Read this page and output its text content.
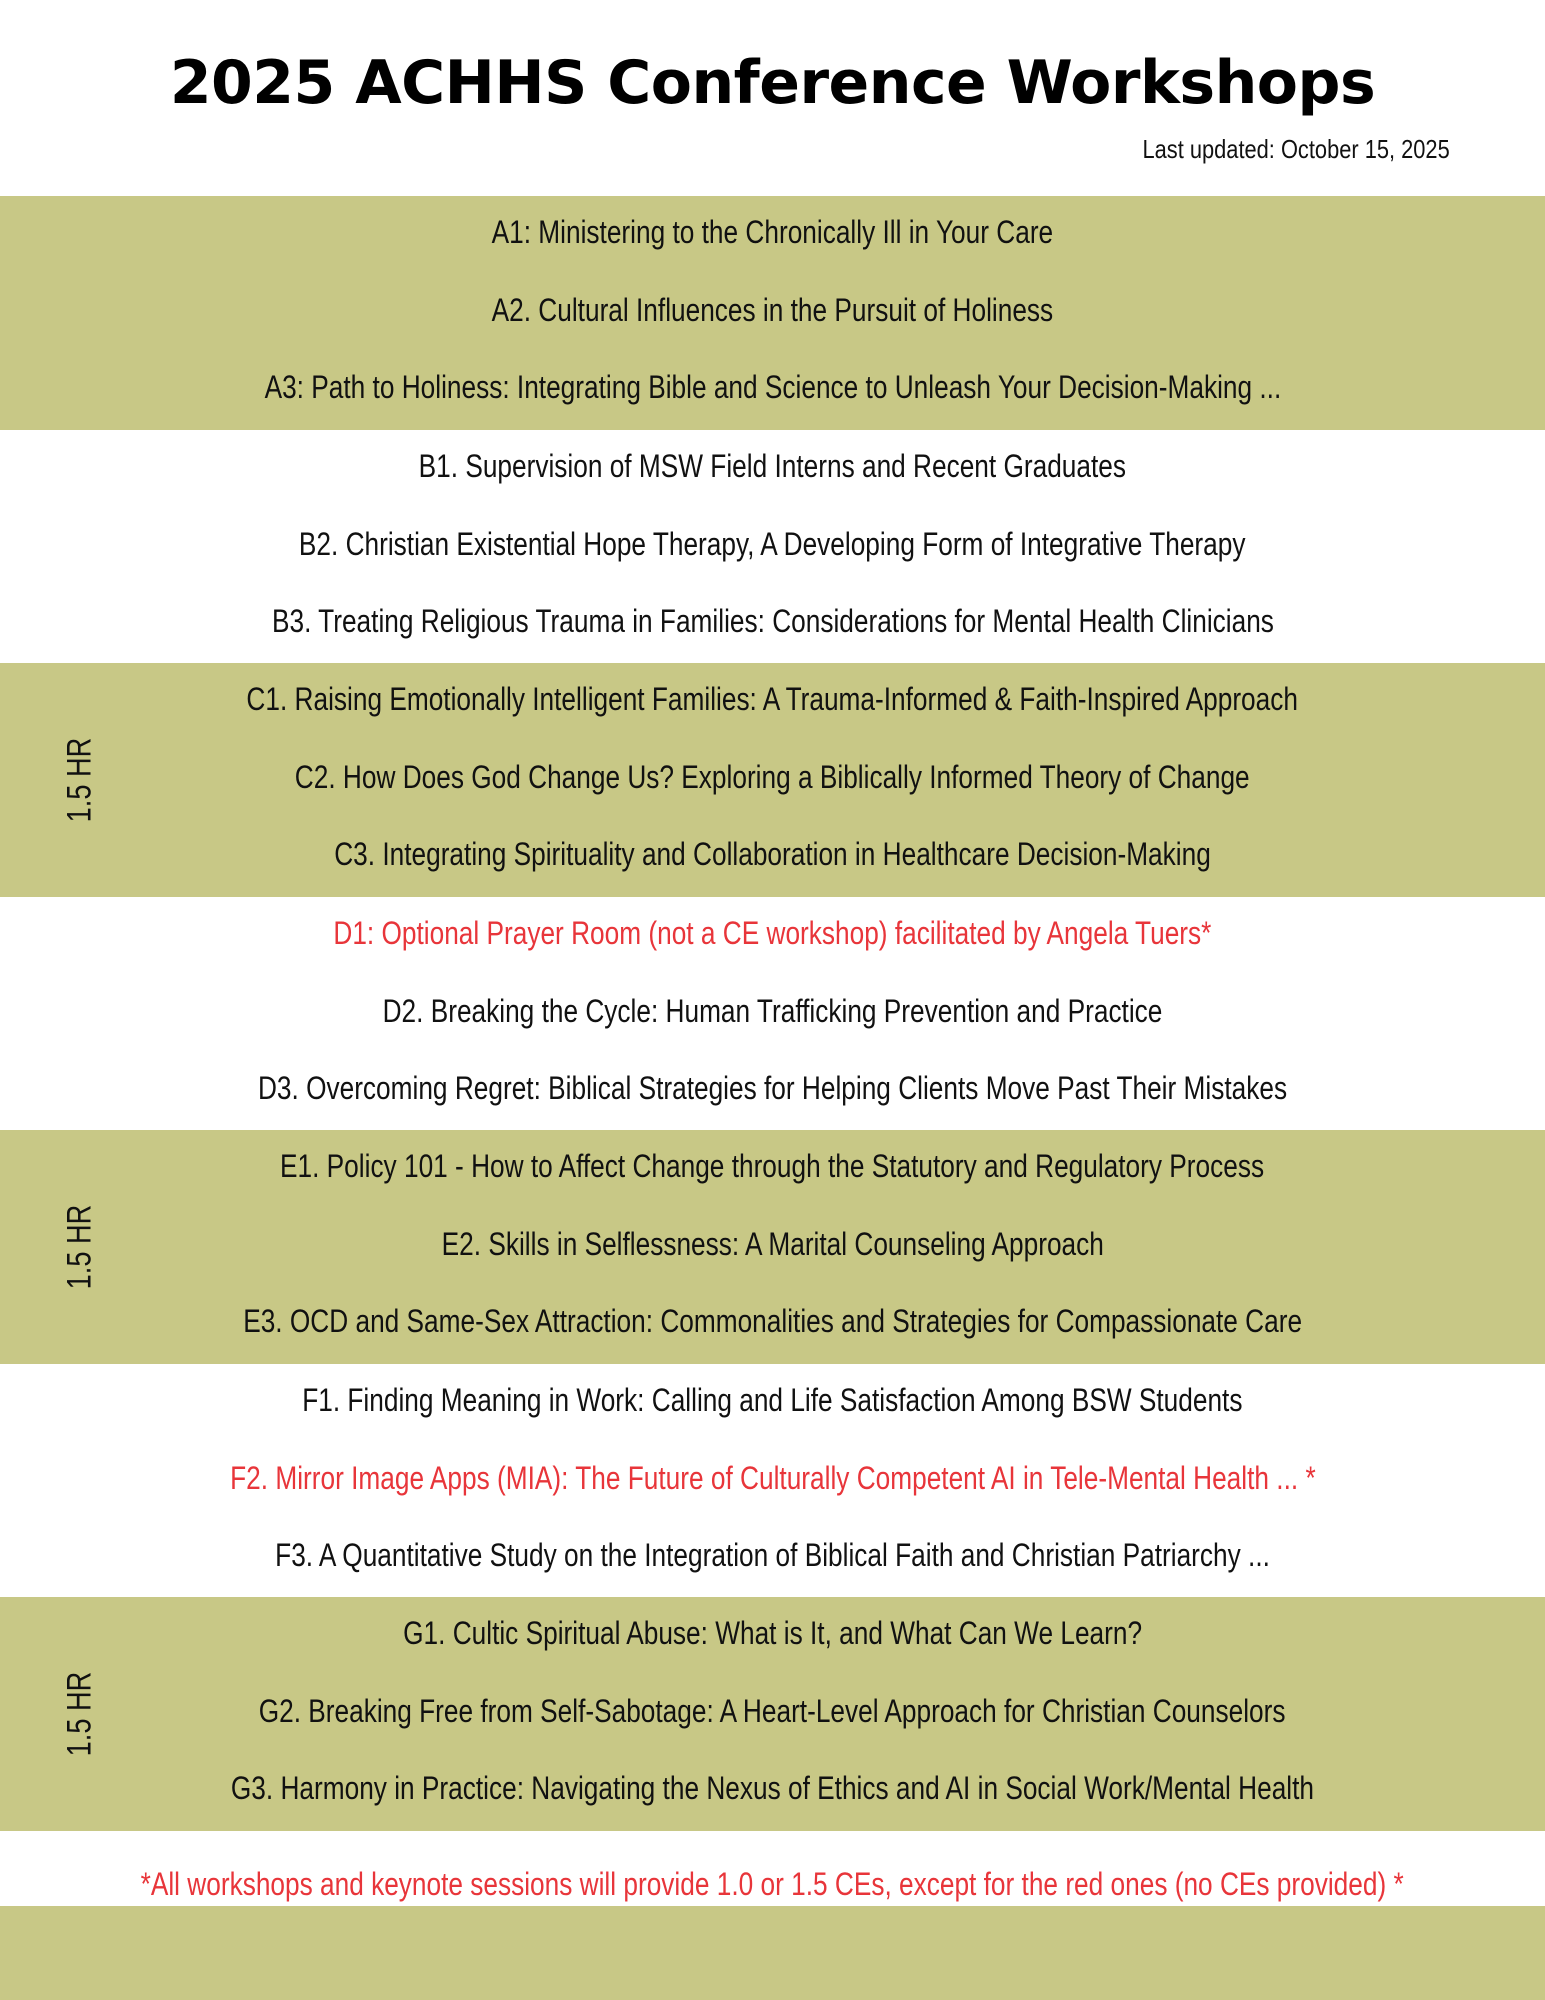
2025 ACHHS Conference Workshops
Last updated: October 15, 2025
A1: Ministering to the Chronically Ill in Your Care
A2. Cultural Influences in the Pursuit of Holiness
A3: Path to Holiness: Integrating Bible and Science to Unleash Your Decision-Making ...
B1. Supervision of MSW Field Interns and Recent Graduates
B2. Christian Existential Hope Therapy, A Developing Form of Integrative Therapy
B3. Treating Religious Trauma in Families: Considerations for Mental Health Clinicians
1.5 HR
C1. Raising Emotionally Intelligent Families: A Trauma-Informed & Faith-Inspired Approach
C2. How Does God Change Us? Exploring a Biblically Informed Theory of Change
C3. Integrating Spirituality and Collaboration in Healthcare Decision-Making
D1: Optional Prayer Room (not a CE workshop) facilitated by Angela Tuers*
D2. Breaking the Cycle: Human Trafficking Prevention and Practice
D3. Overcoming Regret: Biblical Strategies for Helping Clients Move Past Their Mistakes
1.5 HR
E1. Policy 101 - How to Affect Change through the Statutory and Regulatory Process
E2. Skills in Selflessness: A Marital Counseling Approach
E3. OCD and Same-Sex Attraction: Commonalities and Strategies for Compassionate Care
F1. Finding Meaning in Work: Calling and Life Satisfaction Among BSW Students
F2. Mirror Image Apps (MIA): The Future of Culturally Competent AI in Tele-Mental Health ... *
F3. A Quantitative Study on the Integration of Biblical Faith and Christian Patriarchy ...
1.5 HR
G1. Cultic Spiritual Abuse: What is It, and What Can We Learn?
G2. Breaking Free from Self-Sabotage: A Heart-Level Approach for Christian Counselors
G3. Harmony in Practice: Navigating the Nexus of Ethics and AI in Social Work/Mental Health
*All workshops and keynote sessions will provide 1.0 or 1.5 CEs, except for the red ones (no CEs provided) *
